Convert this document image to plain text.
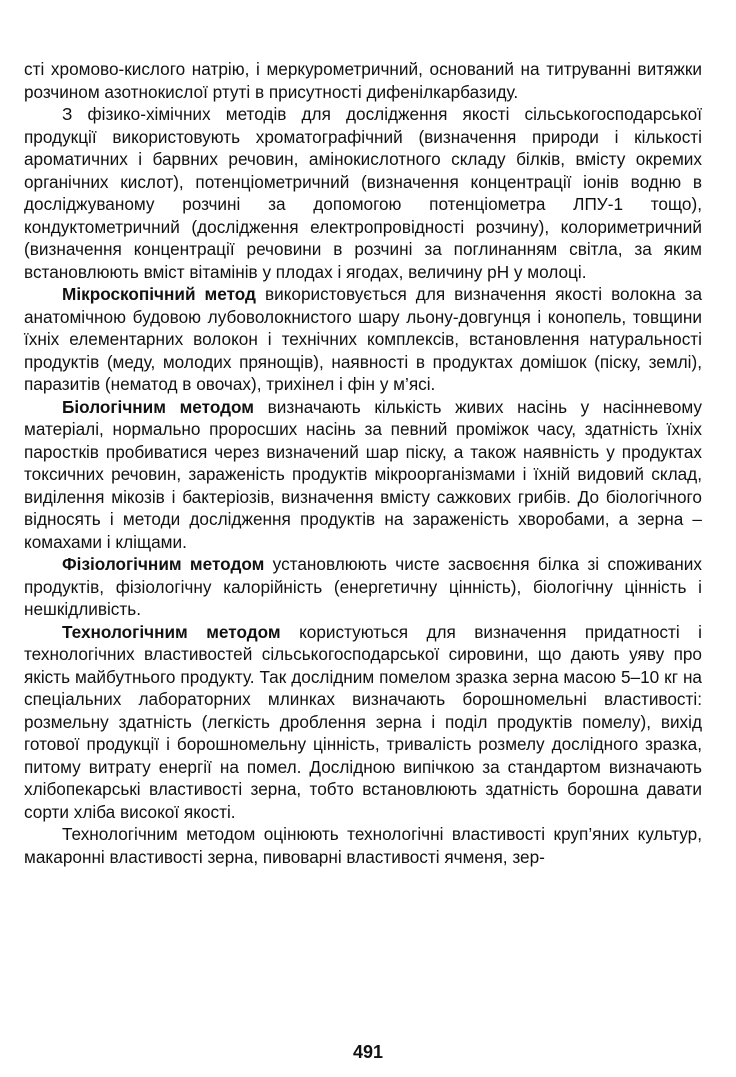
сті хромово-кислого натрію, і меркурометричний, оснований на титруванні витяжки розчином азотнокислої ртуті в присутності дифенілкарбазиду.

З фізико-хімічних методів для дослідження якості сільськогосподарської продукції використовують хроматографічний (визначення природи і кількості ароматичних і барвних речовин, амінокислотного складу білків, вмісту окремих органічних кислот), потенціометричний (визначення концентрації іонів водню в досліджуваному розчині за допомогою потенціометра ЛПУ-1 тощо), кондуктометричний (дослідження електропровідності розчину), колориметричний (визначення концентрації речовини в розчині за поглинанням світла, за яким встановлюють вміст вітамінів у плодах і ягодах, величину pH у молоці.

Мікроскопічний метод використовується для визначення якості волокна за анатомічною будовою лубоволокнистого шару льону-довгунця і конопель, товщини їхніх елементарних волокон і технічних комплексів, встановлення натуральності продуктів (меду, молодих прянощів), наявності в продуктах домішок (піску, землі), паразитів (нематод в овочах), трихінел і фін у м’ясі.

Біологічним методом визначають кількість живих насінь у насінневому матеріалі, нормально проросших насінь за певний проміжок часу, здатність їхніх паростків пробиватися через визначений шар піску, а також наявність у продуктах токсичних речовин, зараженість продуктів мікроорганізмами і їхній видовий склад, виділення мікозів і бактеріозів, визначення вмісту сажкових грибів. До біологічного відносять і методи дослідження продуктів на зараженість хворобами, а зерна – комахами і кліщами.

Фізіологічним методом установлюють чисте засвоєння білка зі споживаних продуктів, фізіологічну калорійність (енергетичну цінність), біологічну цінність і нешкідливість.

Технологічним методом користуються для визначення придатності і технологічних властивостей сільськогосподарської сировини, що дають уяву про якість майбутнього продукту. Так дослідним помелом зразка зерна масою 5–10 кг на спеціальних лабораторних млинках визначають борошномельні властивості: розмельну здатність (легкість дроблення зерна і поділ продуктів помелу), вихід готової продукції і борошномельну цінність, тривалість розмелу дослідного зразка, питому витрату енергії на помел. Дослідною випічкою за стандартом визначають хлібопекарські властивості зерна, тобто встановлюють здатність борошна давати сорти хліба високої якості.

Технологічним методом оцінюють технологічні властивості круп’яних культур, макаронні властивості зерна, пивоварні властивості ячменя, зер-

491
